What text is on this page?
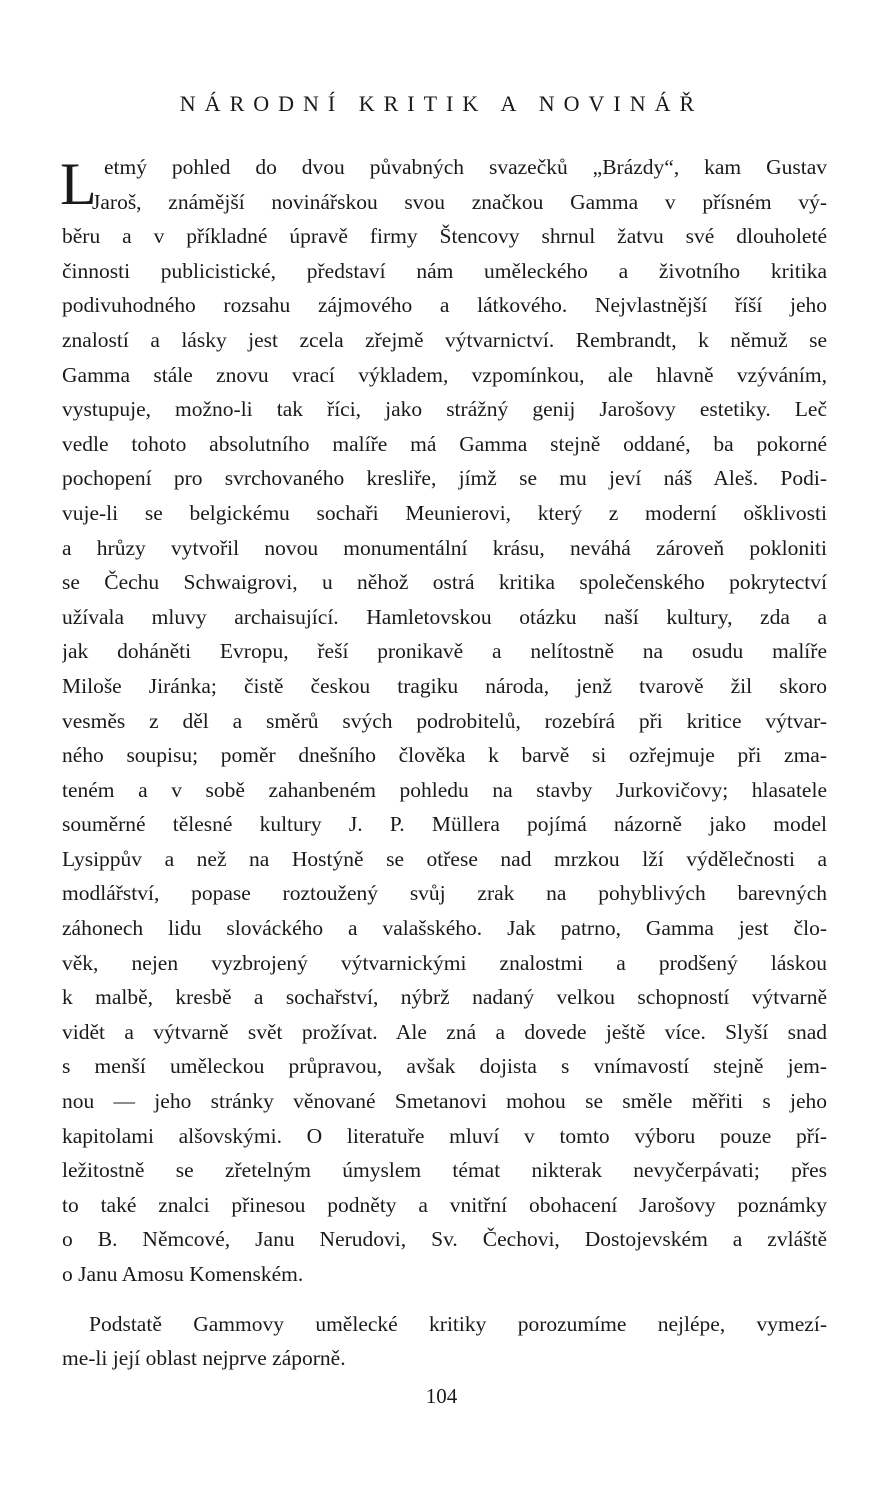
NÁRODNÍ KRITIK A NOVINÁŘ
L etmý pohled do dvou půvabných svazečků „Brázdy“, kam Gustav
Jaroš, známější novinářskou svou značkou Gamma v přísném vý-
běru a v příkladné úpravě firmy Štencovy shrnul žatvu své dlouholeté
činnosti publicistické, představí nám uměleckého a životního kritika
podivuhodného rozsahu zájmového a látkového. Nejvlastnější říší jeho
znalostí a lásky jest zcela zřejmě výtvarnictví. Rembrandt, k němuž se
Gamma stále znovu vrací výkladem, vzpomínkou, ale hlavně vzýváním,
vystupuje, možno-li tak říci, jako strážný genij Jarošovy estetiky. Leč
vedle tohoto absolutního malíře má Gamma stejně oddané, ba pokorné
pochopení pro svrchovaného kresliře, jímž se mu jeví náš Aleš. Podi-
vuje-li se belgickému sochaři Meunierovi, který z moderní ošklivosti
a hrůzy vytvořil novou monumentální krásu, neváhá zároveň pokloniti
se Čechu Schwaigrovi, u něhož ostrá kritika společenského pokrytectví
užívala mluvy archaisující. Hamletovskou otázku naší kultury, zda a
jak doháněti Evropu, řeší pronikavě a nelítostně na osudu malíře
Miloše Jiránka; čistě českou tragiku národa, jenž tvarově žil skoro
vesměs z děl a směrů svých podrobitelů, rozebírá při kritice výtvar-
ného soupisu; poměr dnešního člověka k barvě si ozřejmuje při zma-
teném a v sobě zahanbeném pohledu na stavby Jurkovičovy; hlasatele
souměrné tělesné kultury J. P. Müllera pojímá názorně jako model
Lysippův a než na Hostýně se otřese nad mrzkou lží výdělečnosti a
modlářství, popase roztoužený svůj zrak na pohyblivých barevných
záhonech lidu slováckého a valašského. Jak patrno, Gamma jest člo-
věk, nejen vyzbrojený výtvarnickými znalostmi a prodšený láskou
k malbě, kresbě a sochařství, nýbrž nadaný velkou schopností výtvarně
vidět a výtvarně svět prožívat. Ale zná a dovede ještě více. Slyší snad
s menší uměleckou průpravou, avšak dojista s vnímavostí stejně jem-
nou — jeho stránky věnované Smetanovi mohou se směle měřiti s jeho
kapitolami alšovskými. O literatuře mluví v tomto výboru pouze pří-
ležitostně se zřetelným úmyslem témat nikterak nevyčerpávati; přes
to také znalci přinesou podněty a vnitřní obohacení Jarošovy poznámky
o B. Němcové, Janu Nerudovi, Sv. Čechovi, Dostojevském a zvláště
o Janu Amosu Komenském.
Podstatě Gammovy umělecké kritiky porozumíme nejlépe, vymezí-
me-li její oblast nejprve záporně.
104
